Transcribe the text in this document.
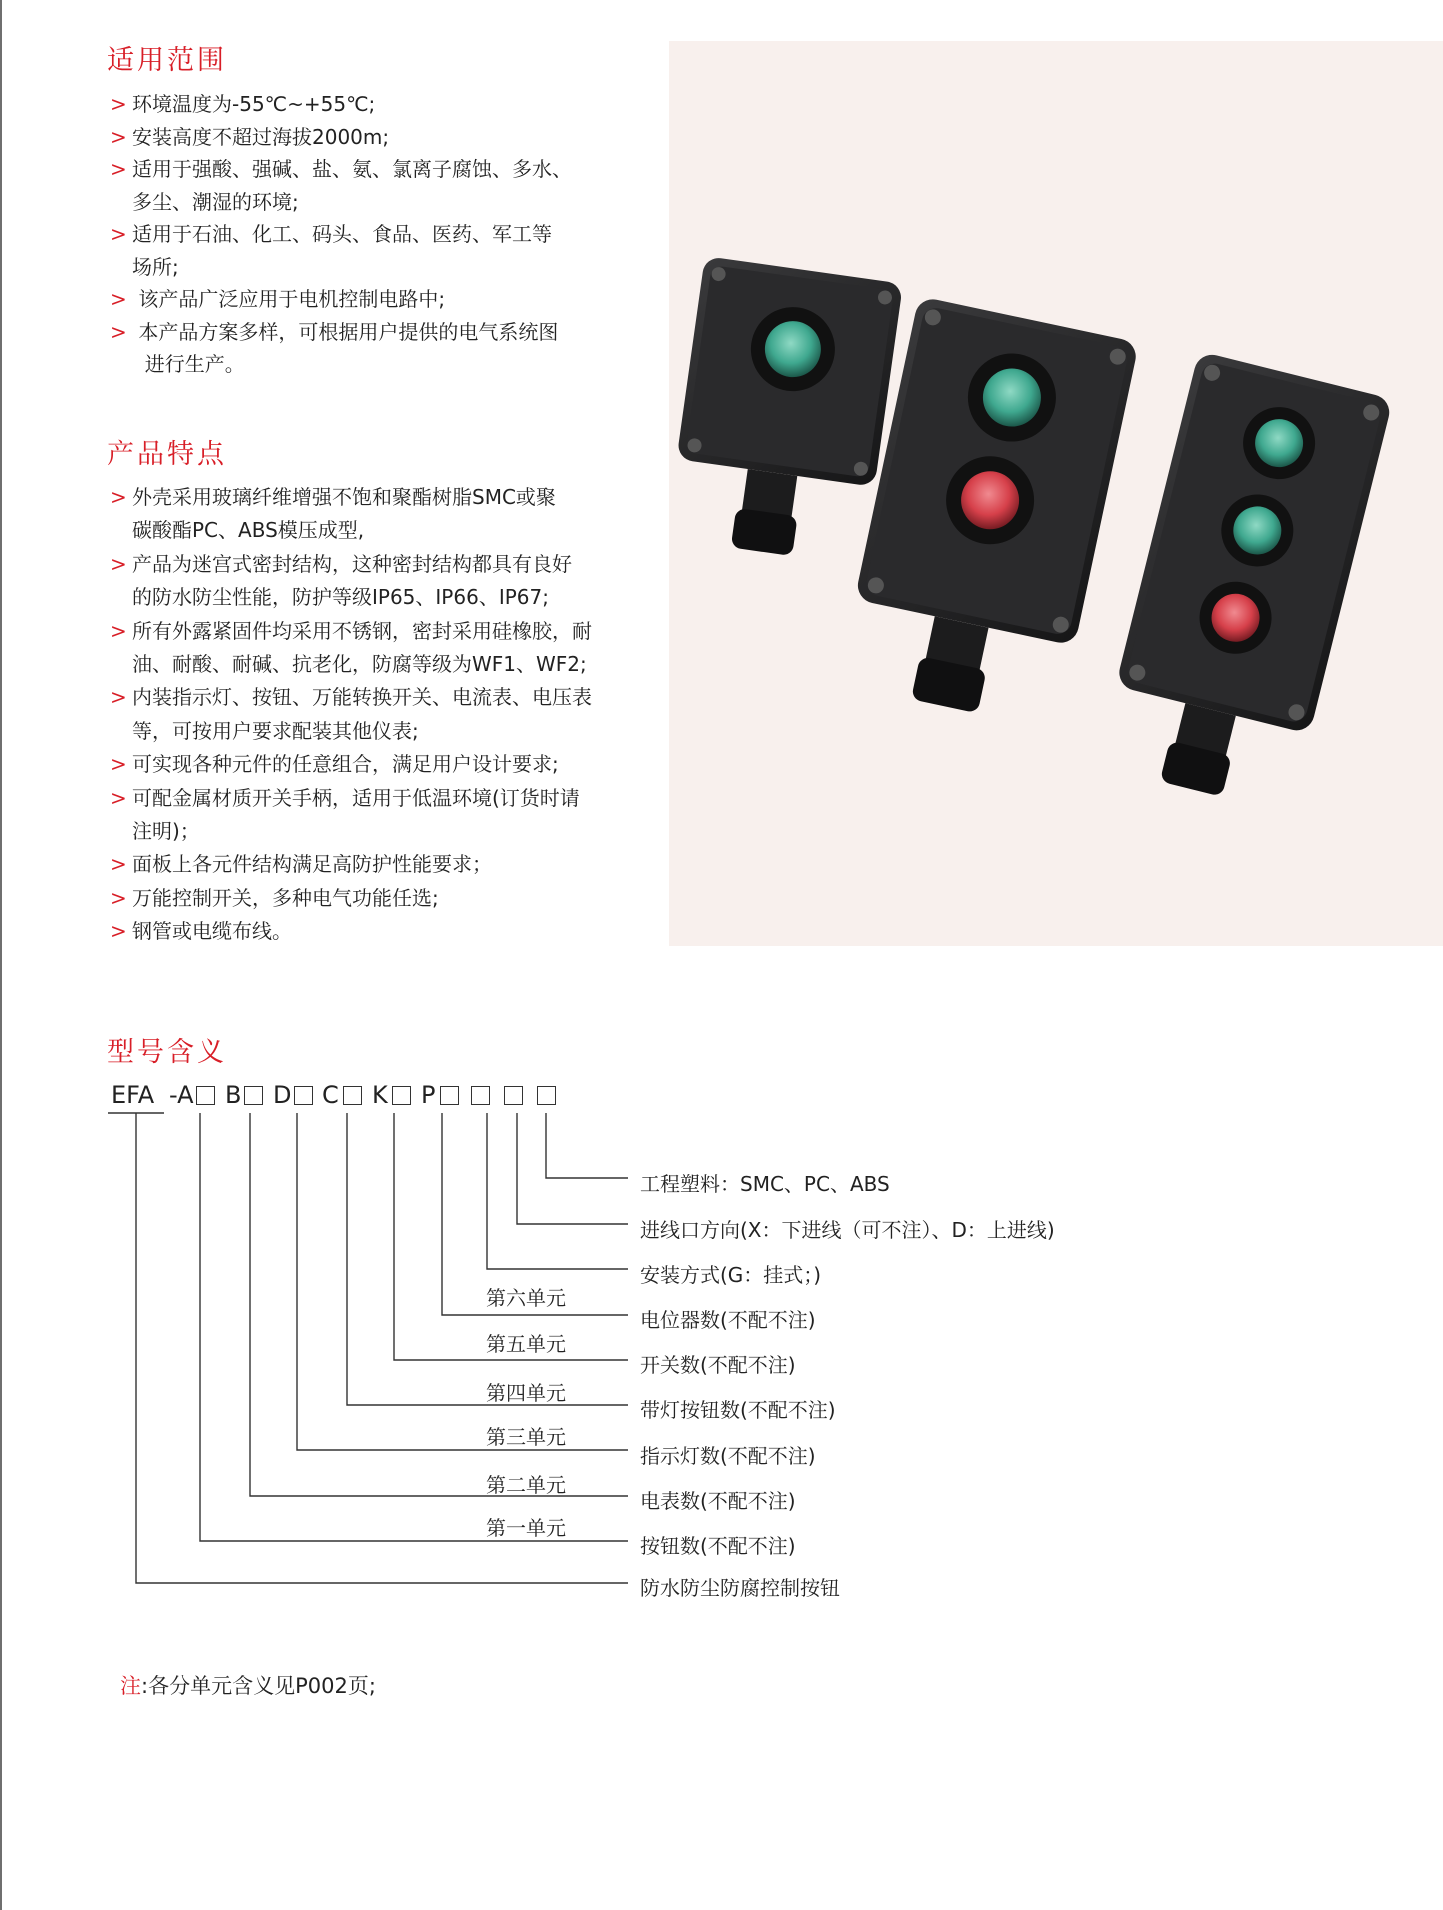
适用范围
> 环境温度为-55℃~+55℃;
> 安装高度不超过海拔2000m;
> 适用于强酸、强碱、盐、氨、氯离子腐蚀、多水、
多尘、潮湿的环境;
> 适用于石油、化工、码头、食品、医药、军工等
场所;
> 该产品广泛应用于电机控制电路中;
> 本产品方案多样，可根据用户提供的电气系统图
进行生产。
产品特点
> 外壳采用玻璃纤维增强不饱和聚酯树脂SMC或聚
碳酸酯PC、ABS模压成型,
> 产品为迷宫式密封结构，这种密封结构都具有良好
的防水防尘性能，防护等级IP65、IP66、IP67;
> 所有外露紧固件均采用不锈钢，密封采用硅橡胶，耐
油、耐酸、耐碱、抗老化，防腐等级为WF1、WF2;
> 内装指示灯、按钮、万能转换开关、电流表、电压表
等，可按用户要求配装其他仪表;
> 可实现各种元件的任意组合，满足用户设计要求;
> 可配金属材质开关手柄，适用于低温环境(订货时请
注明)；
> 面板上各元件结构满足高防护性能要求；
> 万能控制开关，多种电气功能任选;
> 钢管或电缆布线。
型号含义
EFA -A B D C K P
工程塑料：SMC、PC、ABS
进线口方向(X：下进线（可不注）、D：上进线)
安装方式(G：挂式；)
第六单元
电位器数(不配不注)
第五单元
开关数(不配不注)
第四单元
带灯按钮数(不配不注)
第三单元
指示灯数(不配不注)
第二单元
电表数(不配不注)
第一单元
按钮数(不配不注)
防水防尘防腐控制按钮
注:各分单元含义见P002页;
